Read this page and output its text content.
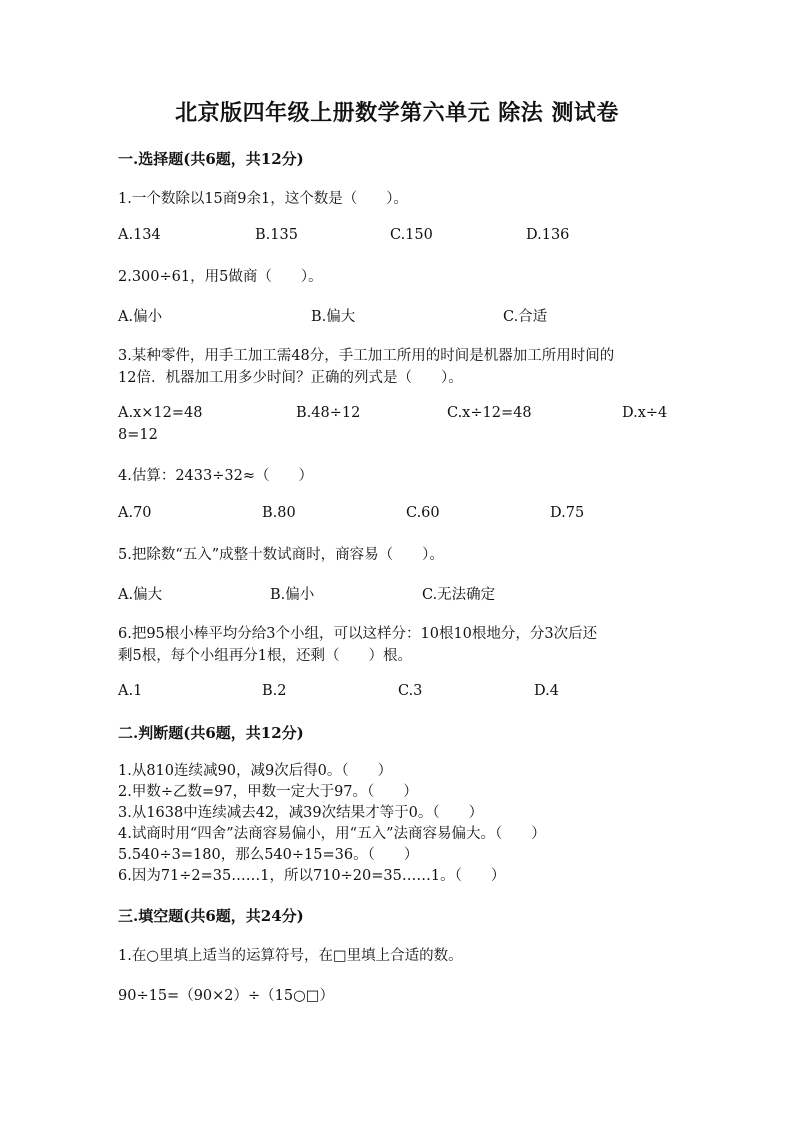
北京版四年级上册数学第六单元 除法 测试卷
一.选择题(共6题，共12分)
1.一个数除以15商9余1，这个数是（　　）。
A.134	B.135	C.150	D.136
2.300÷61，用5做商（　　）。
A.偏小	B.偏大	C.合适
3.某种零件，用手工加工需48分，手工加工所用的时间是机器加工所用时间的
12倍．机器加工用多少时间？正确的列式是（　　）。
A.x×12=48	B.48÷12	C.x÷12=48	D.x÷4
8=12
4.估算：2433÷32≈（　　）
A.70	B.80	C.60	D.75
5.把除数“五入”成整十数试商时，商容易（　　）。
A.偏大	B.偏小	C.无法确定
6.把95根小棒平均分给3个小组，可以这样分：10根10根地分，分3次后还
剩5根，每个小组再分1根，还剩（　　）根。
A.1	B.2	C.3	D.4
二.判断题(共6题，共12分)
1.从810连续减90，减9次后得0。（　　）
2.甲数÷乙数=97，甲数一定大于97。（　　）
3.从1638中连续减去42，减39次结果才等于0。（　　）
4.试商时用“四舍”法商容易偏小，用“五入”法商容易偏大。（　　）
5.540÷3=180，那么540÷15=36。（　　）
6.因为71÷2=35……1，所以710÷20=35……1。（　　）
三.填空题(共6题，共24分)
1.在○里填上适当的运算符号，在□里填上合适的数。
90÷15=（90×2）÷（15○□）
